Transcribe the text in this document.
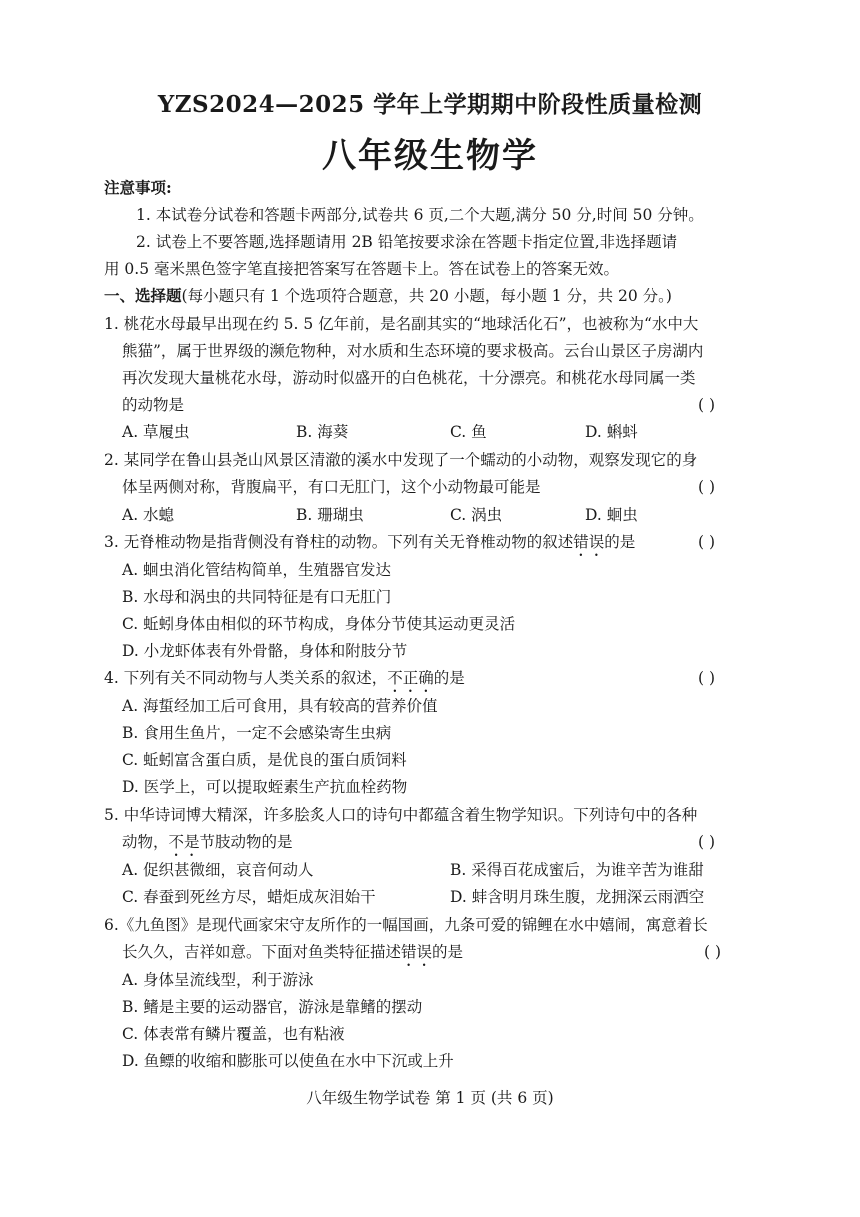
YZS2024—2025 学年上学期期中阶段性质量检测
八年级生物学
注意事项:
1. 本试卷分试卷和答题卡两部分,试卷共 6 页,二个大题,满分 50 分,时间 50 分钟。
2. 试卷上不要答题,选择题请用 2B 铅笔按要求涂在答题卡指定位置,非选择题请
用 0.5 毫米黑色签字笔直接把答案写在答题卡上。答在试卷上的答案无效。
一、选择题(每小题只有 1 个选项符合题意，共 20 小题，每小题 1 分，共 20 分。)
1. 桃花水母最早出现在约 5. 5 亿年前，是名副其实的“地球活化石”，也被称为“水中大
熊猫”，属于世界级的濒危物种，对水质和生态环境的要求极高。云台山景区子房湖内
再次发现大量桃花水母，游动时似盛开的白色桃花，十分漂亮。和桃花水母同属一类
的动物是	( )
A. 草履虫	B. 海葵	C. 鱼	D. 蝌蚪
2. 某同学在鲁山县尧山风景区清澈的溪水中发现了一个蠕动的小动物，观察发现它的身
体呈两侧对称，背腹扁平，有口无肛门，这个小动物最可能是	( )
A. 水螅	B. 珊瑚虫	C. 涡虫	D. 蛔虫
3. 无脊椎动物是指背侧没有脊柱的动物。下列有关无脊椎动物的叙述错误的是	( )
A. 蛔虫消化管结构简单，生殖器官发达
B. 水母和涡虫的共同特征是有口无肛门
C. 蚯蚓身体由相似的环节构成，身体分节使其运动更灵活
D. 小龙虾体表有外骨骼，身体和附肢分节
4. 下列有关不同动物与人类关系的叙述，不正确的是	( )
A. 海蜇经加工后可食用，具有较高的营养价值
B. 食用生鱼片，一定不会感染寄生虫病
C. 蚯蚓富含蛋白质，是优良的蛋白质饲料
D. 医学上，可以提取蛭素生产抗血栓药物
5. 中华诗词博大精深，许多脍炙人口的诗句中都蕴含着生物学知识。下列诗句中的各种
动物，不是节肢动物的是	( )
A. 促织甚微细，哀音何动人	B. 采得百花成蜜后，为谁辛苦为谁甜
C. 春蚕到死丝方尽，蜡炬成灰泪始干	D. 蚌含明月珠生腹，龙拥深云雨洒空
6.《九鱼图》是现代画家宋守友所作的一幅国画，九条可爱的锦鲤在水中嬉闹，寓意着长
长久久，吉祥如意。下面对鱼类特征描述错误的是	( )
A. 身体呈流线型，利于游泳
B. 鳍是主要的运动器官，游泳是靠鳍的摆动
C. 体表常有鳞片覆盖，也有粘液
D. 鱼鳔的收缩和膨胀可以使鱼在水中下沉或上升
八年级生物学试卷 第 1 页 (共 6 页)
